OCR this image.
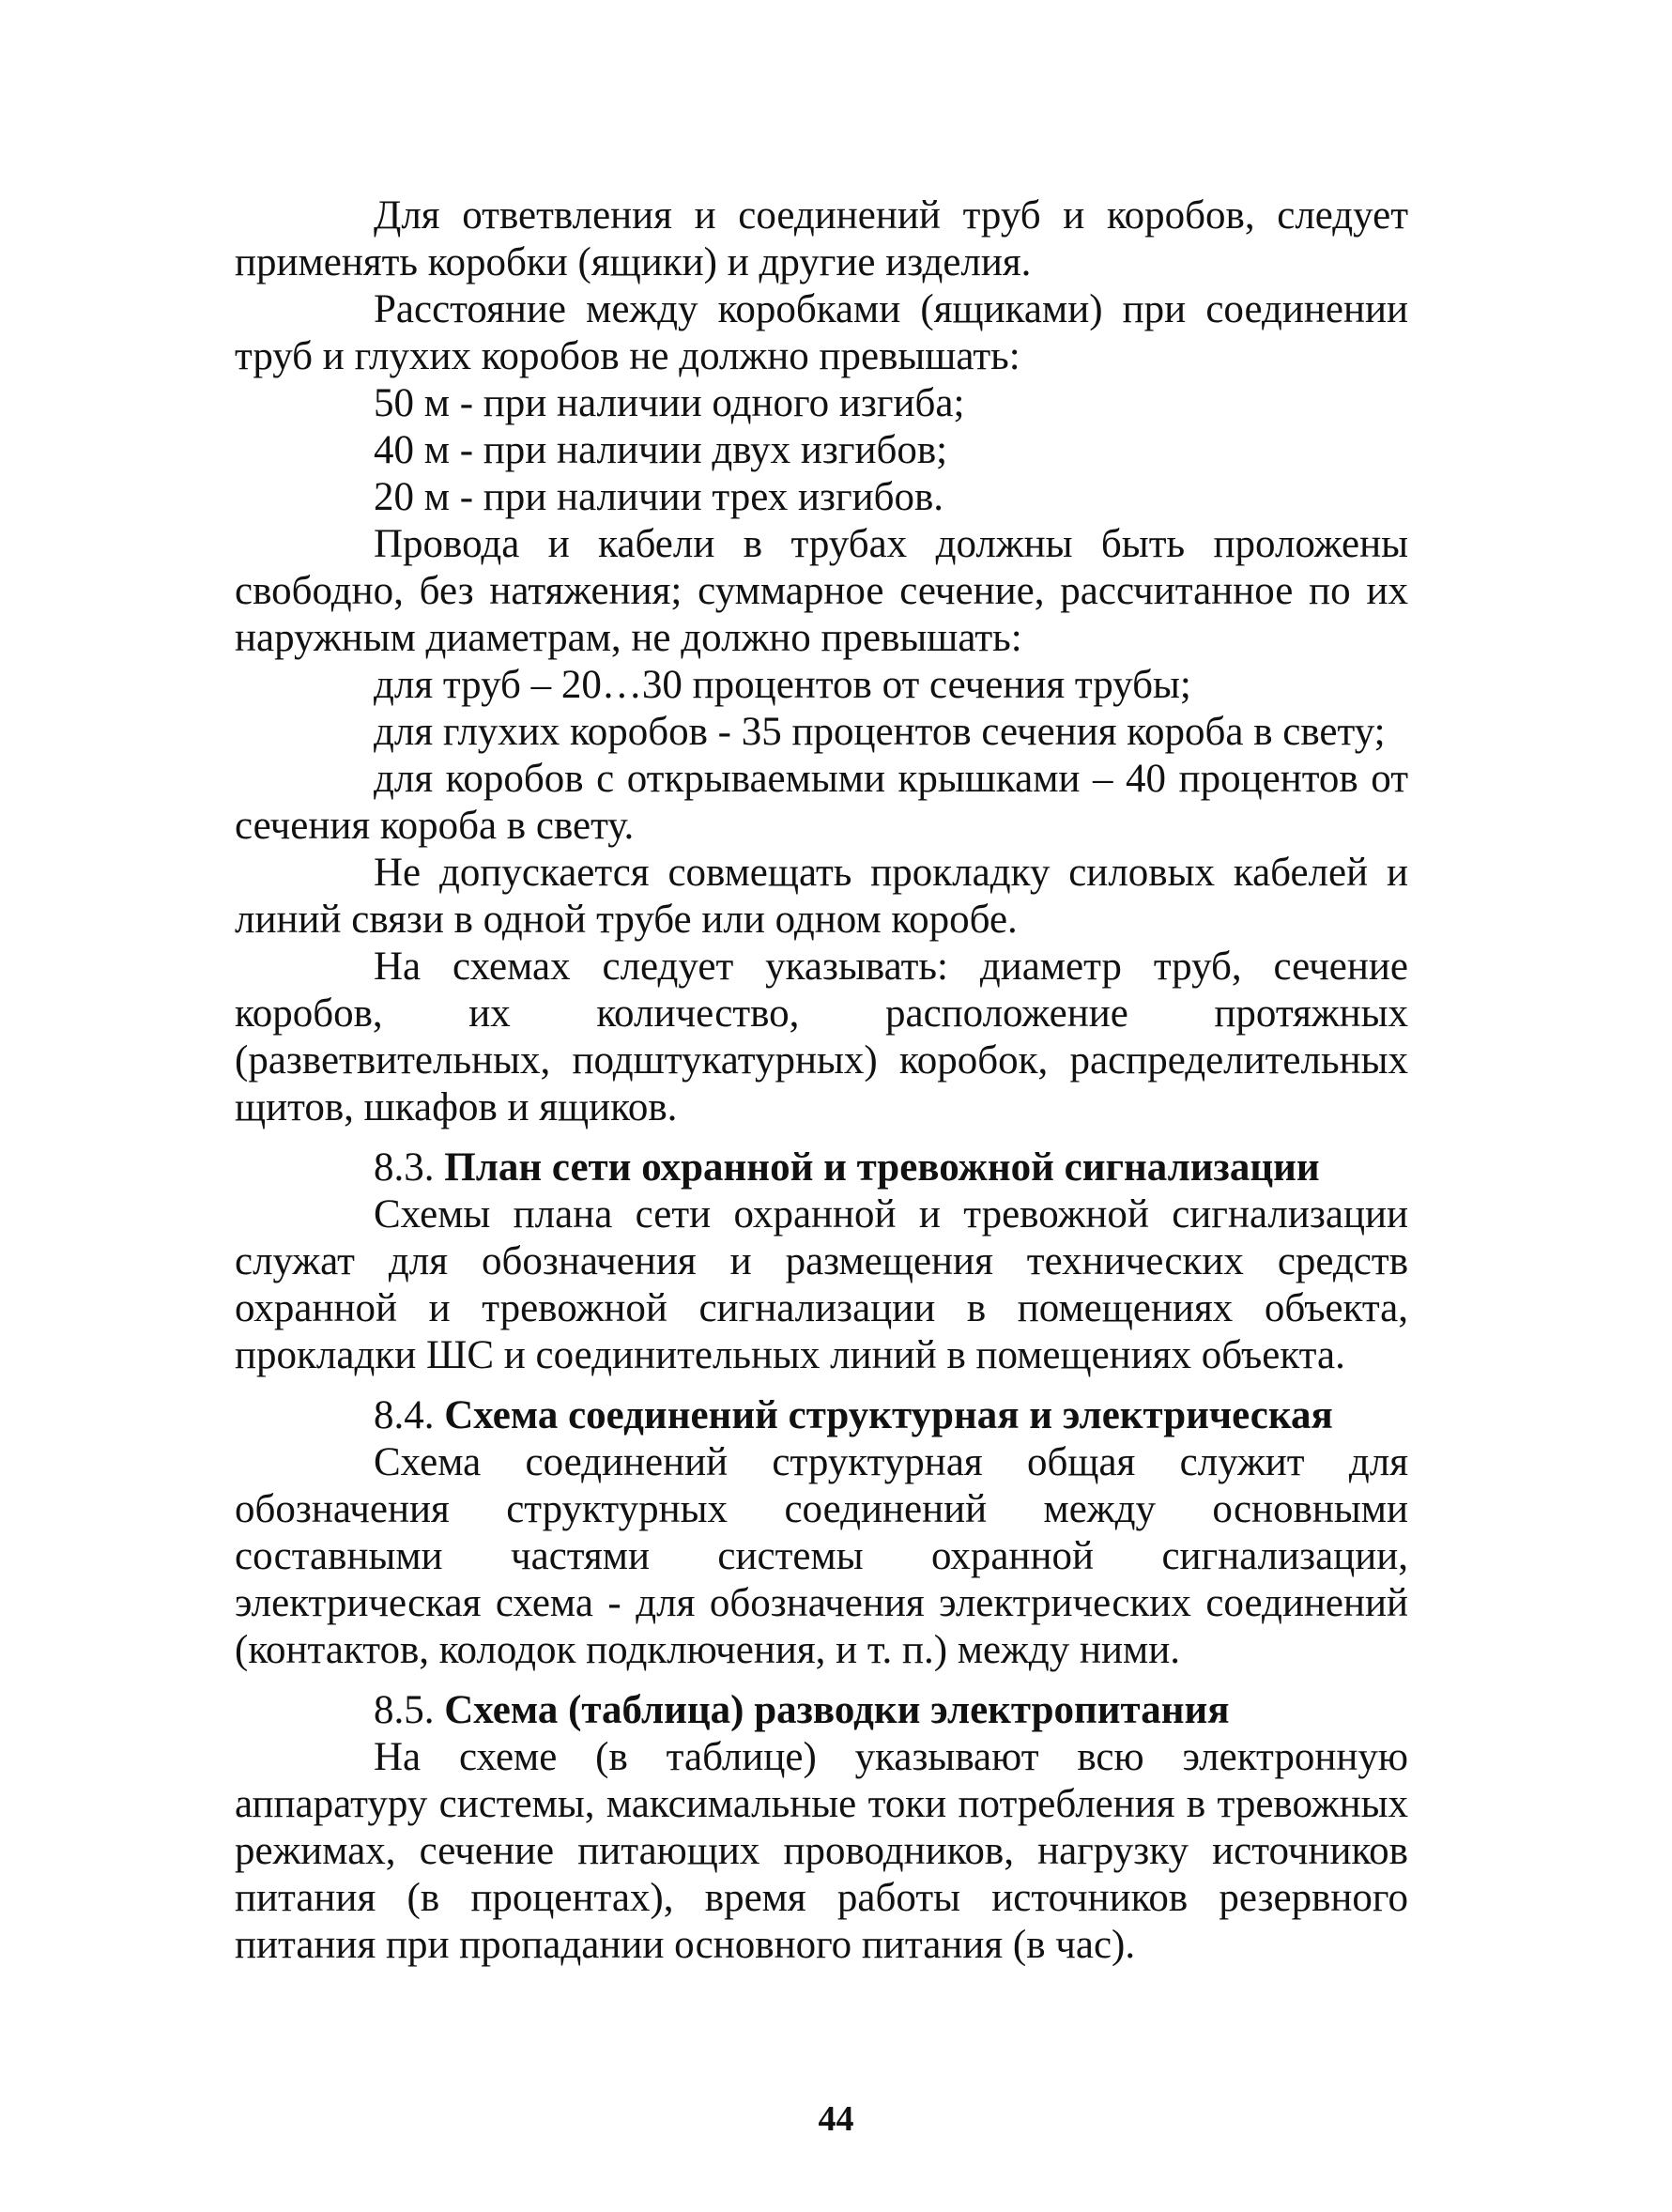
Для ответвления и соединений труб и коробов, следует применять коробки (ящики) и другие изделия.

Расстояние между коробками (ящиками) при соединении труб и глухих коробов не должно превышать:

50 м - при наличии одного изгиба;

40 м - при наличии двух изгибов;

20 м - при наличии трех изгибов.

Провода и кабели в трубах должны быть проложены свободно, без натяжения; суммарное сечение, рассчитанное по их наружным диаметрам, не должно превышать:

для труб – 20…30 процентов от сечения трубы;

для глухих коробов - 35 процентов сечения короба в свету;

для коробов с открываемыми крышками – 40 процентов от сечения короба в свету.

Не допускается совмещать прокладку силовых кабелей и линий связи в одной трубе или одном коробе.

На схемах следует указывать: диаметр труб, сечение коробов, их количество, расположение протяжных (разветвительных, подштукатурных) коробок, распределительных щитов, шкафов и ящиков.

8.3. План сети охранной и тревожной сигнализации

Схемы плана сети охранной и тревожной сигнализации служат для обозначения и размещения технических средств охранной и тревожной сигнализации в помещениях объекта, прокладки ШС и соединительных линий в помещениях объекта.

8.4. Схема соединений структурная и электрическая

Схема соединений структурная общая служит для обозначения структурных соединений между основными составными частями системы охранной сигнализации, электрическая схема - для обозначения электрических соединений (контактов, колодок подключения, и т. п.) между ними.

8.5. Схема (таблица) разводки электропитания

На схеме (в таблице) указывают всю электронную аппаратуру системы, максимальные токи потребления в тревожных режимах, сечение питающих проводников, нагрузку источников питания (в процентах), время работы источников резервного питания при пропадании основного питания (в час).

44
